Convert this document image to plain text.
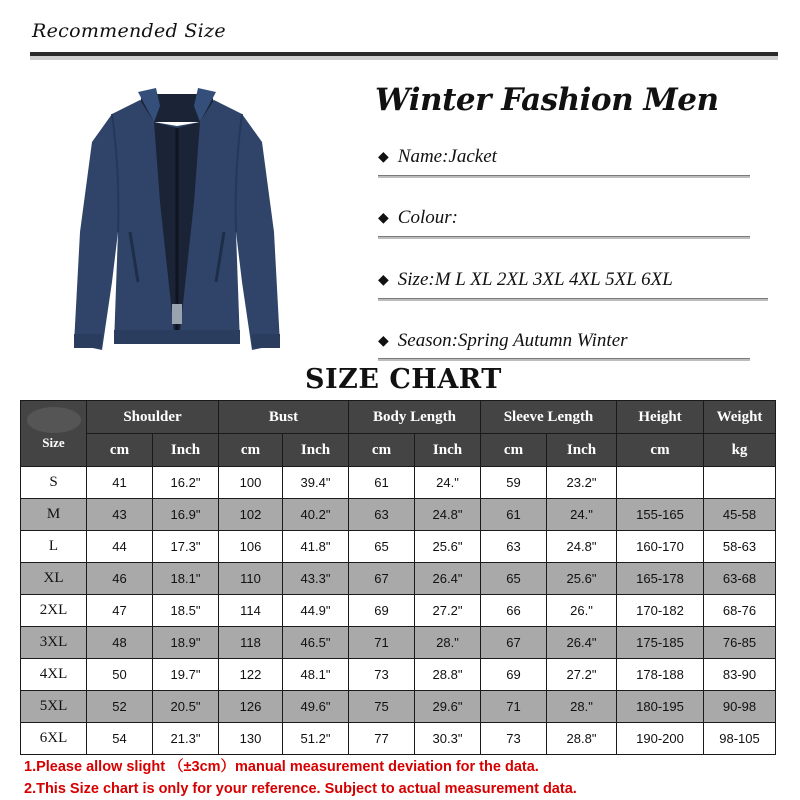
Recommended Size
Winter Fashion Men
◆ Name:Jacket
◆ Colour:
◆ Size:M L XL 2XL 3XL 4XL 5XL 6XL
◆ Season:Spring Autumn Winter
SIZE CHART
Size	Shoulder		Bust		Body Length		Sleeve Length		Height	Weight
	cm	Inch	cm	Inch	cm	Inch	cm	Inch	cm	kg
S	41	16.2"	100	39.4"	61	24."	59	23.2"		
M	43	16.9"	102	40.2"	63	24.8"	61	24."	155-165	45-58
L	44	17.3"	106	41.8"	65	25.6"	63	24.8"	160-170	58-63
XL	46	18.1"	110	43.3"	67	26.4"	65	25.6"	165-178	63-68
2XL	47	18.5"	114	44.9"	69	27.2"	66	26."	170-182	68-76
3XL	48	18.9"	118	46.5"	71	28."	67	26.4"	175-185	76-85
4XL	50	19.7"	122	48.1"	73	28.8"	69	27.2"	178-188	83-90
5XL	52	20.5"	126	49.6"	75	29.6"	71	28."	180-195	90-98
6XL	54	21.3"	130	51.2"	77	30.3"	73	28.8"	190-200	98-105
1.Please allow slight （±3cm）manual measurement deviation for the data.
2.This Size chart is only for your reference. Subject to actual measurement data.
